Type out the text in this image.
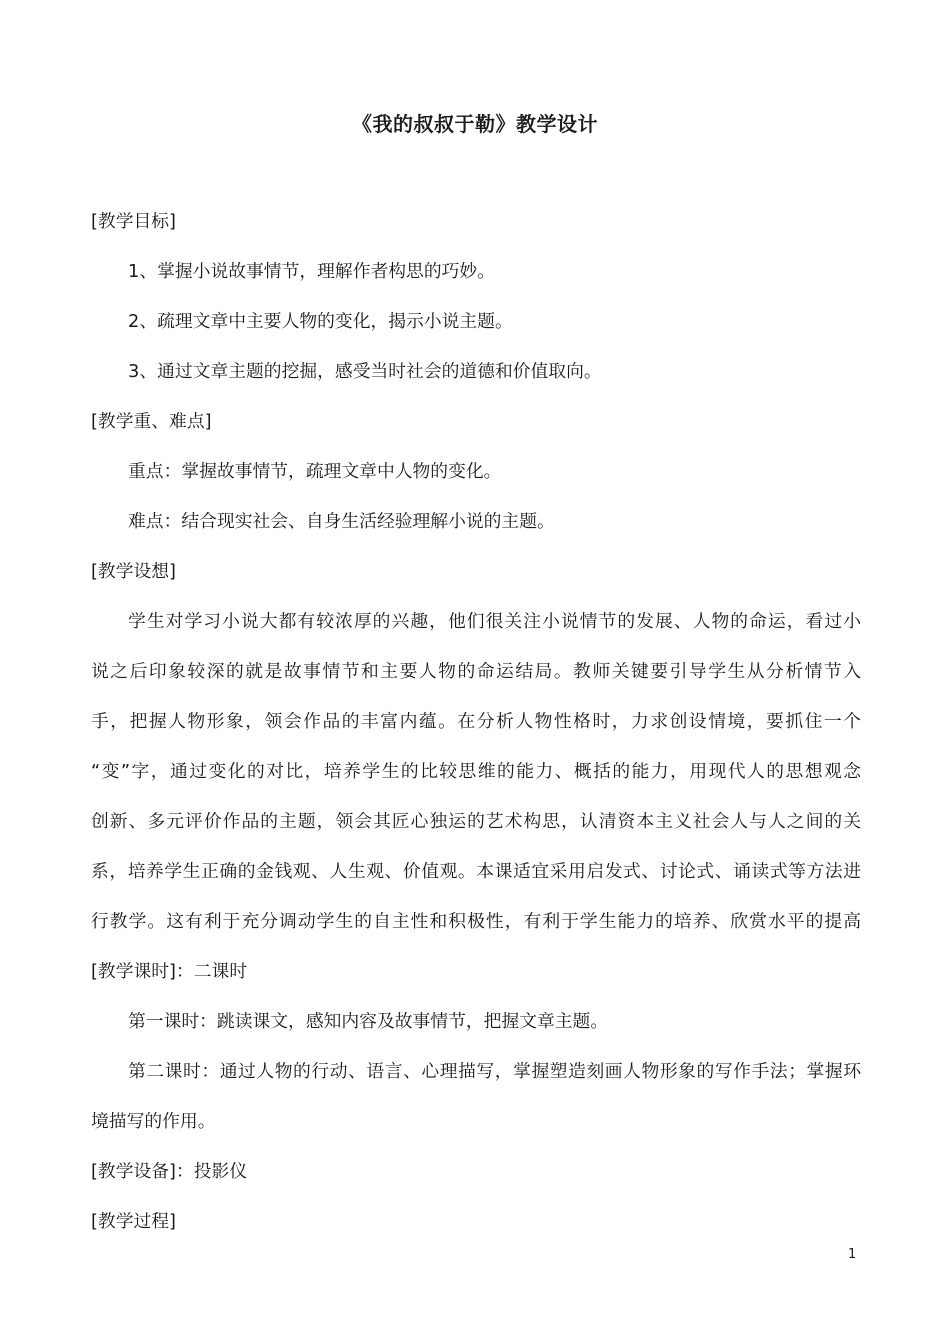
《我的叔叔于勒》教学设计
[教学目标]
1、掌握小说故事情节，理解作者构思的巧妙。
2、疏理文章中主要人物的变化，揭示小说主题。
3、通过文章主题的挖掘，感受当时社会的道德和价值取向。
[教学重、难点]
重点：掌握故事情节，疏理文章中人物的变化。
难点：结合现实社会、自身生活经验理解小说的主题。
[教学设想]
学生对学习小说大都有较浓厚的兴趣，他们很关注小说情节的发展、人物的命运，看过小
说之后印象较深的就是故事情节和主要人物的命运结局。教师关键要引导学生从分析情节入
手，把握人物形象，领会作品的丰富内蕴。在分析人物性格时，力求创设情境，要抓住一个
“变”字，通过变化的对比，培养学生的比较思维的能力、概括的能力，用现代人的思想观念
创新、多元评价作品的主题，领会其匠心独运的艺术构思，认清资本主义社会人与人之间的关
系，培养学生正确的金钱观、人生观、价值观。本课适宜采用启发式、讨论式、诵读式等方法进
行教学。这有利于充分调动学生的自主性和积极性，有利于学生能力的培养、欣赏水平的提高
[教学课时]：二课时
第一课时：跳读课文，感知内容及故事情节，把握文章主题。
第二课时：通过人物的行动、语言、心理描写，掌握塑造刻画人物形象的写作手法；掌握环
境描写的作用。
[教学设备]：投影仪
[教学过程]
1
